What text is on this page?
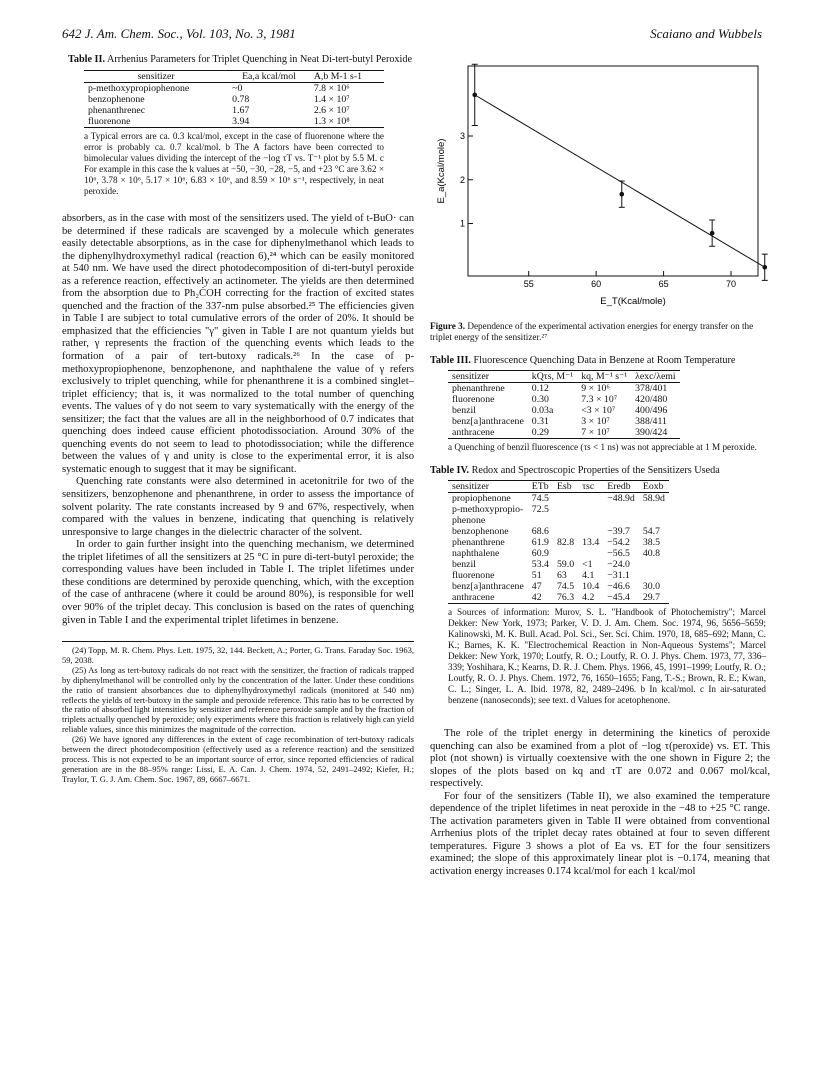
642 J. Am. Chem. Soc., Vol. 103, No. 3, 1981	Scaiano and Wubbels
Table II. Arrhenius Parameters for Triplet Quenching in Neat Di-tert-butyl Peroxide
sensitizer	Ea,a kcal/mol	A,b M-1 s-1
p-methoxypropiophenone	~0	7.8 × 10⁶
benzophenone	0.78	1.4 × 10⁷
phenanthrenec	1.67	2.6 × 10⁷
fluorenone	3.94	1.3 × 10⁸
a Typical errors are ca. 0.3 kcal/mol, except in the case of fluorenone where the error is probably ca. 0.7 kcal/mol. b The A factors have been corrected to bimolecular values dividing the intercept of the −log τT vs. T⁻¹ plot by 5.5 M. c For example in this case the k values at −50, −30, −28, −5, and +23 °C are 3.62 × 10⁶, 3.78 × 10⁶, 5.17 × 10⁶, 6.83 × 10⁶, and 8.59 × 10⁶ s⁻¹, respectively, in neat peroxide.

absorbers, as in the case with most of the sensitizers used. The yield of t-BuO· can be determined if these radicals are scavenged by a molecule which generates easily detectable absorptions, as in the case for diphenylmethanol which leads to the diphenylhydroxymethyl radical (reaction 6),²⁴ which can be easily monitored at 540 nm. We have used the direct photodecomposition of di-tert-butyl peroxide as a reference reaction, effectively an actinometer. The yields are then determined from the absorption due to Ph₂ĊOH correcting for the fraction of excited states quenched and the fraction of the 337-nm pulse absorbed.²⁵ The efficiencies given in Table I are subject to total cumulative errors of the order of 20%. It should be emphasized that the efficiencies "γ" given in Table I are not quantum yields but rather, γ represents the fraction of the quenching events which leads to the formation of a pair of tert-butoxy radicals.²⁶ In the case of p-methoxypropiophenone, benzophenone, and naphthalene the value of γ refers exclusively to triplet quenching, while for phenanthrene it is a combined singlet–triplet efficiency; that is, it was normalized to the total number of quenching events. The values of γ do not seem to vary systematically with the energy of the sensitizer; the fact that the values are all in the neighborhood of 0.7 indicates that quenching does indeed cause efficient photodissociation. Around 30% of the quenching events do not seem to lead to photodissociation; while the difference between the values of γ and unity is close to the experimental error, it is also systematic enough to suggest that it may be significant.

Quenching rate constants were also determined in acetonitrile for two of the sensitizers, benzophenone and phenanthrene, in order to assess the importance of solvent polarity. The rate constants increased by 9 and 67%, respectively, when compared with the values in benzene, indicating that quenching is relatively unresponsive to large changes in the dielectric character of the solvent.

In order to gain further insight into the quenching mechanism, we determined the triplet lifetimes of all the sensitizers at 25 °C in pure di-tert-butyl peroxide; the corresponding values have been included in Table I. The triplet lifetimes under these conditions are determined by peroxide quenching, which, with the exception of the case of anthracene (where it could be around 80%), is responsible for well over 90% of the triplet decay. This conclusion is based on the rates of quenching given in Table I and the experimental triplet lifetimes in benzene.

(24) Topp, M. R. Chem. Phys. Lett. 1975, 32, 144. Beckett, A.; Porter, G. Trans. Faraday Soc. 1963, 59, 2038.

(25) As long as tert-butoxy radicals do not react with the sensitizer, the fraction of radicals trapped by diphenylmethanol will be controlled only by the concentration of the latter. Under these conditions the ratio of transient absorbances due to diphenylhydroxymethyl radicals (monitored at 540 nm) reflects the yields of tert-butoxy in the sample and peroxide reference. This ratio has to be corrected by the ratio of absorbed light intensities by sensitizer and reference peroxide sample and by the fraction of triplets actually quenched by peroxide; only experiments where this fraction is relatively high can yield reliable values, since this minimizes the magnitude of the correction.

(26) We have ignored any differences in the extent of cage recombination of tert-butoxy radicals between the direct photodecomposition (effectively used as a reference reaction) and the sensitized process. This is not expected to be an important source of error, since reported efficiencies of radical generation are in the 88–95% range: Lissi, E. A. Can. J. Chem. 1974, 52, 2491–2492; Kiefer, H.; Traylor, T. G. J. Am. Chem. Soc. 1967, 89, 6667–6671.

55	60	65	70
1
2
3
E_T(Kcal/mole)
E_a(Kcal/mole)
Figure 3. Dependence of the experimental activation energies for energy transfer on the triplet energy of the sensitizer.²⁷
Table III. Fluorescence Quenching Data in Benzene at Room Temperature
sensitizer	kQτs, M⁻¹	kq, M⁻¹ s⁻¹	λexc/λemi
phenanthrene	0.12	9 × 10⁶	378/401
fluorenone	0.30	7.3 × 10⁷	420/480
benzil	0.03a	<3 × 10⁷	400/496
benz[a]anthracene	0.31	3 × 10⁷	388/411
anthracene	0.29	7 × 10⁷	390/424
a Quenching of benzil fluorescence (τs < 1 ns) was not appreciable at 1 M peroxide.
Table IV. Redox and Spectroscopic Properties of the Sensitizers Useda
sensitizer	ETb	Esb	τsc	Eredb	Eoxb
propiophenone	74.5			−48.9d	58.9d
p-methoxypropio-	72.5				
phenone					
benzophenone	68.6			−39.7	54.7
phenanthrene	61.9	82.8	13.4	−54.2	38.5
naphthalene	60.9			−56.5	40.8
benzil	53.4	59.0	<1	−24.0	
fluorenone	51	63	4.1	−31.1	
benz[a]anthracene	47	74.5	10.4	−46.6	30.0
anthracene	42	76.3	4.2	−45.4	29.7
a Sources of information: Murov, S. L. "Handbook of Photochemistry"; Marcel Dekker: New York, 1973; Parker, V. D. J. Am. Chem. Soc. 1974, 96, 5656–5659; Kalinowski, M. K. Bull. Acad. Pol. Sci., Ser. Sci. Chim. 1970, 18, 685–692; Mann, C. K.; Barnes, K. K. "Electrochemical Reaction in Non-Aqueous Systems"; Marcel Dekker: New York, 1970; Loutfy, R. O.; Loutfy, R. O. J. Phys. Chem. 1973, 77, 336–339; Yoshihara, K.; Kearns, D. R. J. Chem. Phys. 1966, 45, 1991–1999; Loutfy, R. O.; Loutfy, R. O. J. Phys. Chem. 1972, 76, 1650–1655; Fang, T.-S.; Brown, R. E.; Kwan, C. L.; Singer, L. A. Ibid. 1978, 82, 2489–2496. b In kcal/mol. c In air-saturated benzene (nanoseconds); see text. d Values for acetophenone.

The role of the triplet energy in determining the kinetics of peroxide quenching can also be examined from a plot of −log τ(peroxide) vs. ET. This plot (not shown) is virtually coextensive with the one shown in Figure 2; the slopes of the plots based on kq and τT are 0.072 and 0.067 mol/kcal, respectively.

For four of the sensitizers (Table II), we also examined the temperature dependence of the triplet lifetimes in neat peroxide in the −48 to +25 °C range. The activation parameters given in Table II were obtained from conventional Arrhenius plots of the triplet decay rates obtained at four to seven different temperatures. Figure 3 shows a plot of Ea vs. ET for the four sensitizers examined; the slope of this approximately linear plot is −0.174, meaning that activation energy increases 0.174 kcal/mol for each 1 kcal/mol
